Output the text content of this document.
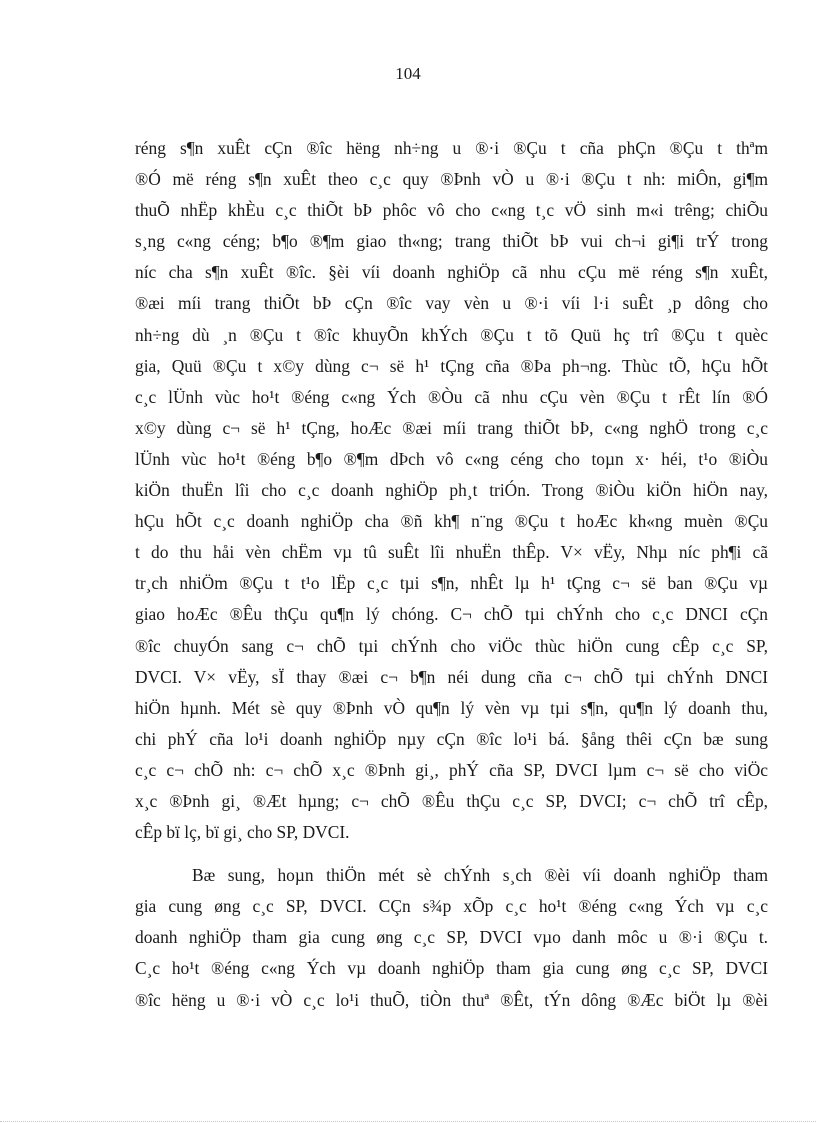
104
réng s¶n xuÊt cÇn ®îc hëng nh÷ng u ®·i ®Çu t cña phÇn ®Çu t thªm
®Ó më réng s¶n xuÊt theo c¸c quy ®Þnh vÒ u ®·i ®Çu t nh: miÔn, gi¶m
thuÕ nhËp khÈu c¸c thiÕt bÞ phôc vô cho c«ng t¸c vÖ sinh m«i trêng; chiÕu
s¸ng c«ng céng; b¶o ®¶m giao th«ng; trang thiÕt bÞ vui ch¬i gi¶i trÝ trong
níc cha s¶n xuÊt ®îc. §èi víi doanh nghiÖp cã nhu cÇu më réng s¶n xuÊt,
®æi míi trang thiÕt bÞ cÇn ®îc vay vèn u ®·i víi l·i suÊt ¸p dông cho
nh÷ng dù ¸n ®Çu t ®îc khuyÕn khÝch ®Çu t tõ Quü hç trî ®Çu t quèc
gia, Quü ®Çu t x©y dùng c¬ së h¹ tÇng cña ®Þa ph¬ng. Thùc tÕ, hÇu hÕt
c¸c lÜnh vùc ho¹t ®éng c«ng Ých ®Òu cã nhu cÇu vèn ®Çu t rÊt lín ®Ó
x©y dùng c¬ së h¹ tÇng, hoÆc ®æi míi trang thiÕt bÞ, c«ng nghÖ trong c¸c
lÜnh vùc ho¹t ®éng b¶o ®¶m dÞch vô c«ng céng cho toµn x· héi, t¹o ®iÒu
kiÖn thuËn lîi cho c¸c doanh nghiÖp ph¸t triÓn. Trong ®iÒu kiÖn hiÖn nay,
hÇu hÕt c¸c doanh nghiÖp cha ®ñ kh¶ n¨ng ®Çu t hoÆc kh«ng muèn ®Çu
t do thu håi vèn chËm vµ tû suÊt lîi nhuËn thÊp. V× vËy, Nhµ níc ph¶i cã
tr¸ch nhiÖm ®Çu t t¹o lËp c¸c tµi s¶n, nhÊt lµ h¹ tÇng c¬ së ban ®Çu vµ
giao hoÆc ®Êu thÇu qu¶n lý chóng. C¬ chÕ tµi chÝnh cho c¸c DNCI cÇn
®îc chuyÓn sang c¬ chÕ tµi chÝnh cho viÖc thùc hiÖn cung cÊp c¸c SP,
DVCI. V× vËy, sÏ thay ®æi c¬ b¶n néi dung cña c¬ chÕ tµi chÝnh DNCI
hiÖn hµnh. Mét sè quy ®Þnh vÒ qu¶n lý vèn vµ tµi s¶n, qu¶n lý doanh thu,
chi phÝ cña lo¹i doanh nghiÖp nµy cÇn ®îc lo¹i bá. §ång thêi cÇn bæ sung
c¸c c¬ chÕ nh: c¬ chÕ x¸c ®Þnh gi¸, phÝ cña SP, DVCI lµm c¬ së cho viÖc
x¸c ®Þnh gi¸ ®Æt hµng; c¬ chÕ ®Êu thÇu c¸c SP, DVCI; c¬ chÕ trî cÊp,
cÊp bï lç, bï gi¸ cho SP, DVCI.
Bæ sung, hoµn thiÖn mét sè chÝnh s¸ch ®èi víi doanh nghiÖp tham
gia cung øng c¸c SP, DVCI. CÇn s¾p xÕp c¸c ho¹t ®éng c«ng Ých vµ c¸c
doanh nghiÖp tham gia cung øng c¸c SP, DVCI vµo danh môc u ®·i ®Çu t.
C¸c ho¹t ®éng c«ng Ých vµ doanh nghiÖp tham gia cung øng c¸c SP, DVCI
®îc hëng u ®·i vÒ c¸c lo¹i thuÕ, tiÒn thuª ®Êt, tÝn dông ®Æc biÖt lµ ®èi
